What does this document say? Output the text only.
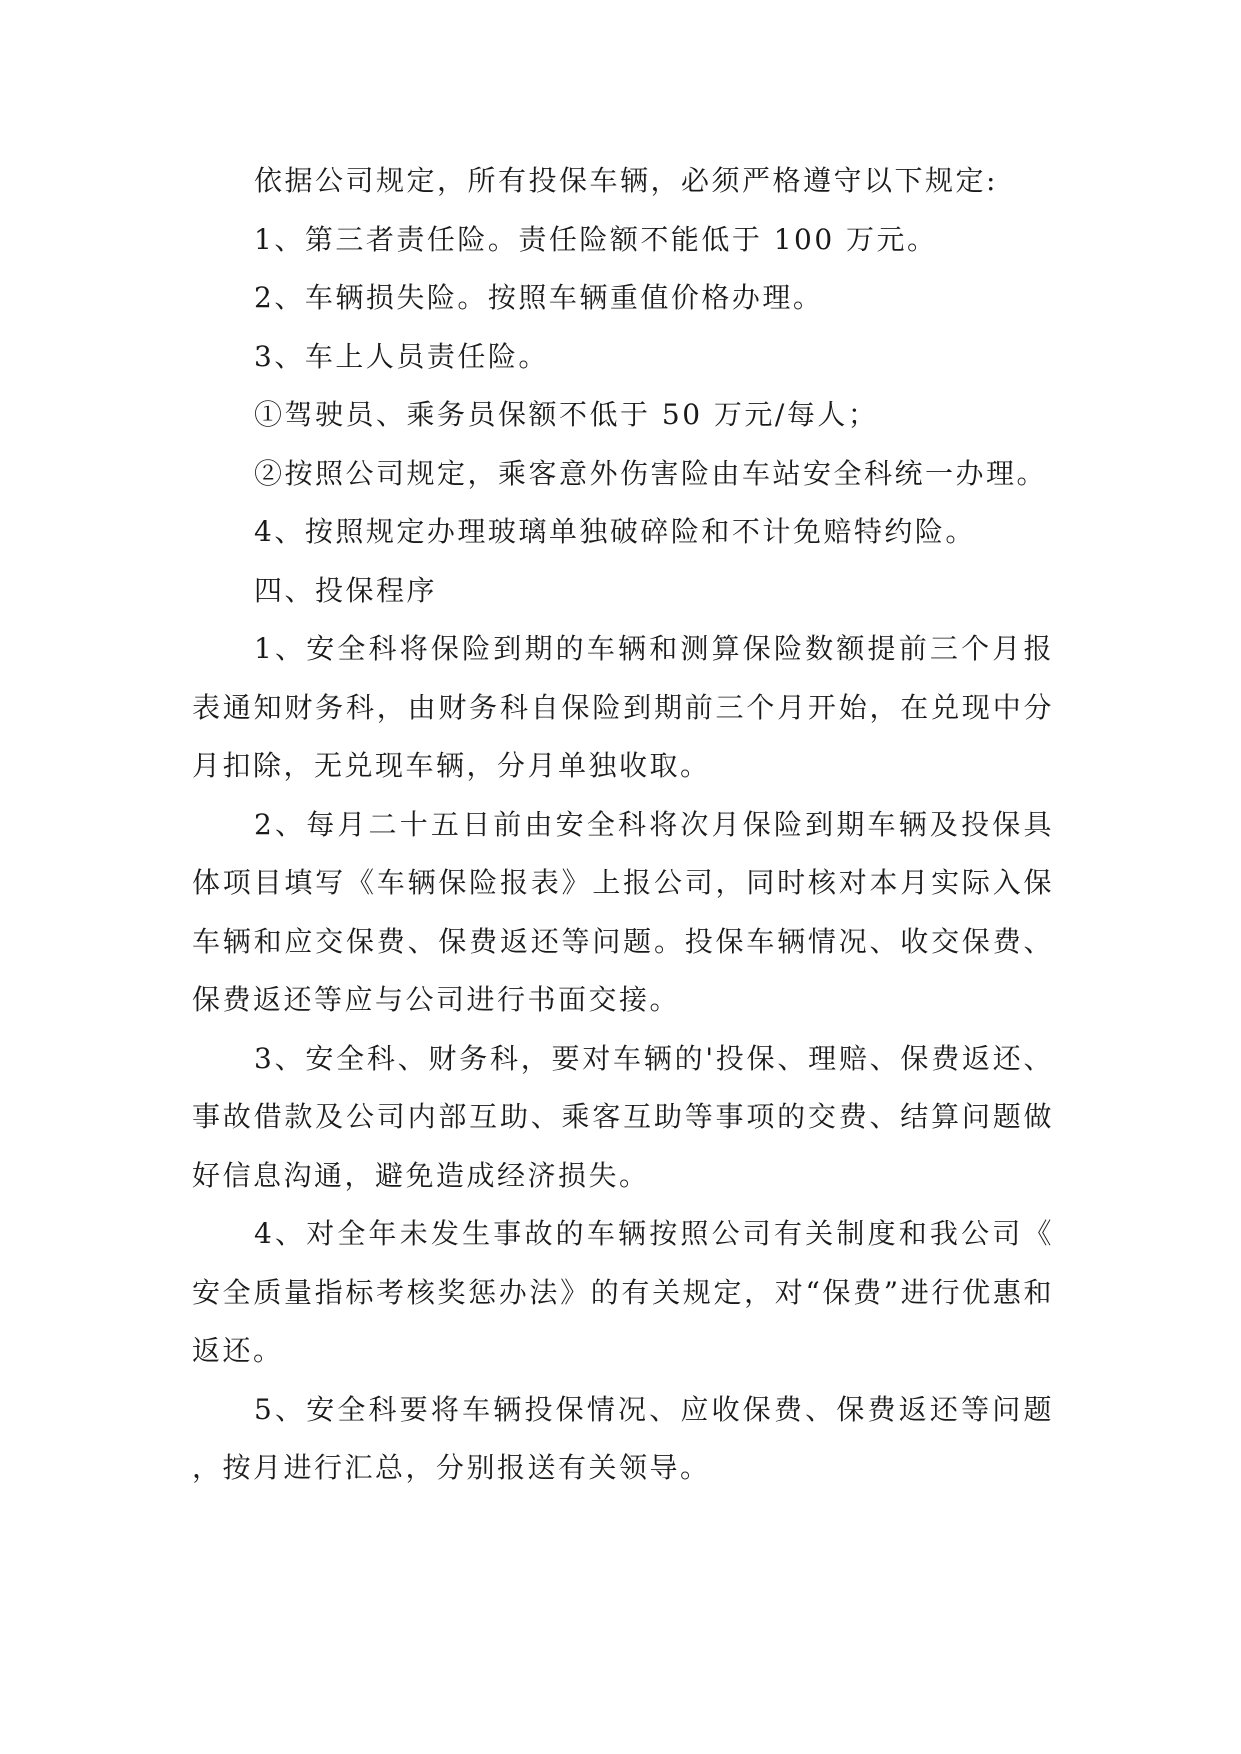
依据公司规定，所有投保车辆，必须严格遵守以下规定:

1、第三者责任险。责任险额不能低于 100 万元。

2、车辆损失险。按照车辆重值价格办理。

3、车上人员责任险。

①驾驶员、乘务员保额不低于 50 万元/每人；

②按照公司规定，乘客意外伤害险由车站安全科统一办理。

4、按照规定办理玻璃单独破碎险和不计免赔特约险。

四、投保程序

1、安全科将保险到期的车辆和测算保险数额提前三个月报表通知财务科，由财务科自保险到期前三个月开始，在兑现中分月扣除，无兑现车辆，分月单独收取。

2、每月二十五日前由安全科将次月保险到期车辆及投保具体项目填写《车辆保险报表》上报公司，同时核对本月实际入保车辆和应交保费、保费返还等问题。投保车辆情况、收交保费、保费返还等应与公司进行书面交接。

3、安全科、财务科，要对车辆的'投保、理赔、保费返还、事故借款及公司内部互助、乘客互助等事项的交费、结算问题做好信息沟通，避免造成经济损失。

4、对全年未发生事故的车辆按照公司有关制度和我公司《安全质量指标考核奖惩办法》的有关规定，对“保费”进行优惠和返还。

5、安全科要将车辆投保情况、应收保费、保费返还等问题，按月进行汇总，分别报送有关领导。
